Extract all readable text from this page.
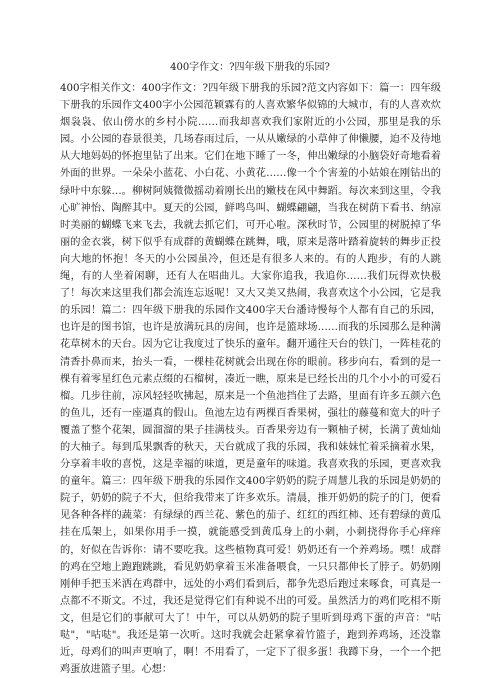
400字作文：?四年级下册我的乐园?
400字相关作文：400字作文：?四年级下册我的乐园?范文内容如下：篇一：四年级下册我的乐园作文400字小公园范颖霖有的人喜欢繁华似锦的大城市，有的人喜欢炊烟袅袅、依山傍水的乡村小院……而我却喜欢我们家附近的小公园，那里是我的乐园。小公园的春景很美，几场春雨过后，一从从嫩绿的小草伸了伸懒腰，迫不及待地从大地妈妈的怀抱里钻了出来。它们在地下睡了一冬，伸出嫩绿的小脑袋好奇地看着外面的世界。一朵朵小蓝花、小白花、小黄花……像一个个害羞的小姑娘在刚钻出的绿叶中东躲…。柳树阿姨微微摇动着刚长出的嫩枝在风中舞蹈。每次来到这里，令我心旷神怡、陶醉其中。夏天的公园，鲜鸣鸟叫、蝴蝶翩翩，当我在树荫下看书、纳凉时美丽的蝴蝶飞来飞去，我就去抓它们，可开心啦。深秋时节，公园里的树脱掉了华丽的金衣裳，树下似乎有成群的黄蝴蝶在跳舞，哦，原来是落叶踏着旋转的舞步正投向大地的怀抱！冬天的小公园虽冷，但还是有很多人来的。有的人跑步，有的人跳绳，有的人坐着闲聊，还有人在唱曲儿。大家你追我，我追你……我们玩得欢快极了！每次来这里我们都会流连忘返呢！又大又美又热闹，我喜欢这个小公园，它是我的乐园！篇二：四年级下册我的乐园作文400字天台潘诗慢每个人都有自己的乐园，也许是的图书馆，也许是放满玩具的房间，也许是篮球场……而我的乐园那么是种满花草树木的天台。因为它让我度过了快乐的童年。翻开通往天台的铁门，一阵桂花的清香扑鼻而来，抬头一看，一棵桂花树就会出现在你的眼前。移步向右，看到的是一棵有着零星红色元素点缀的石榴树，凑近一瞧，原来是已经长出的几个小小的可爱石榴。几步往前，凉风轻轻吹拂起，原来是一个鱼池挡住了去路，里面有许多五颜六色的鱼儿，还有一座逼真的假山。鱼池左边有两棵百香果树，强壮的藤蔓和宽大的叶子覆盖了整个花架，圆溜溜的果子挂满枝头。百香果旁边有一颗柚子树，长满了黄灿灿的大柚子。每到瓜果飘香的秋天，天台就成了我的乐园，我和妹妹忙着采摘着水果，分享着丰收的喜悦，这是幸福的味道，更是童年的味道。我喜欢我的乐园，更喜欢我的童年。篇三：四年级下册我的乐园作文400字奶奶的院子周慧儿我的乐园是奶奶的院子，奶奶的院子不大，但给我带来了许多欢乐。清晨，推开奶奶的院子的门，便看见各种各样的蔬菜：有绿绿的西兰花、紫色的茄子、红红的西红柿、还有碧绿的黄瓜挂在瓜架上，如果你用手一摸，就能感受到黄瓜身上的小刺，小刺挠得你手心痒痒的，好似在告诉你：请不要吃我。这些植物真可爱！奶奶还有一个养鸡场。嘿！成群的鸡在空地上跑跑跳跳，看见奶奶拿着玉米准备喂食，一只只都伸长了脖子。奶奶刚刚伸手把玉米洒在鸡群中，远处的小鸡们看到后，都争先恐后跑过来啄食，可真是一点都不不斯文。不过，我还是觉得它们有种说不出的可爱。虽然活力的鸡们吃相不斯文，但是它们的事献可大了！中午，可以从奶奶的院子里听到母鸡下蛋的声音："咕哒"，"咕哒"。我还是第一次听。这时我就会赶紧拿着竹篮子，跑到养鸡场，还没靠近，母鸡们的叫声更响了，啊！不用看了，一定下了很多蛋！我蹲下身，一个一个把鸡蛋放进篮子里。心想：
